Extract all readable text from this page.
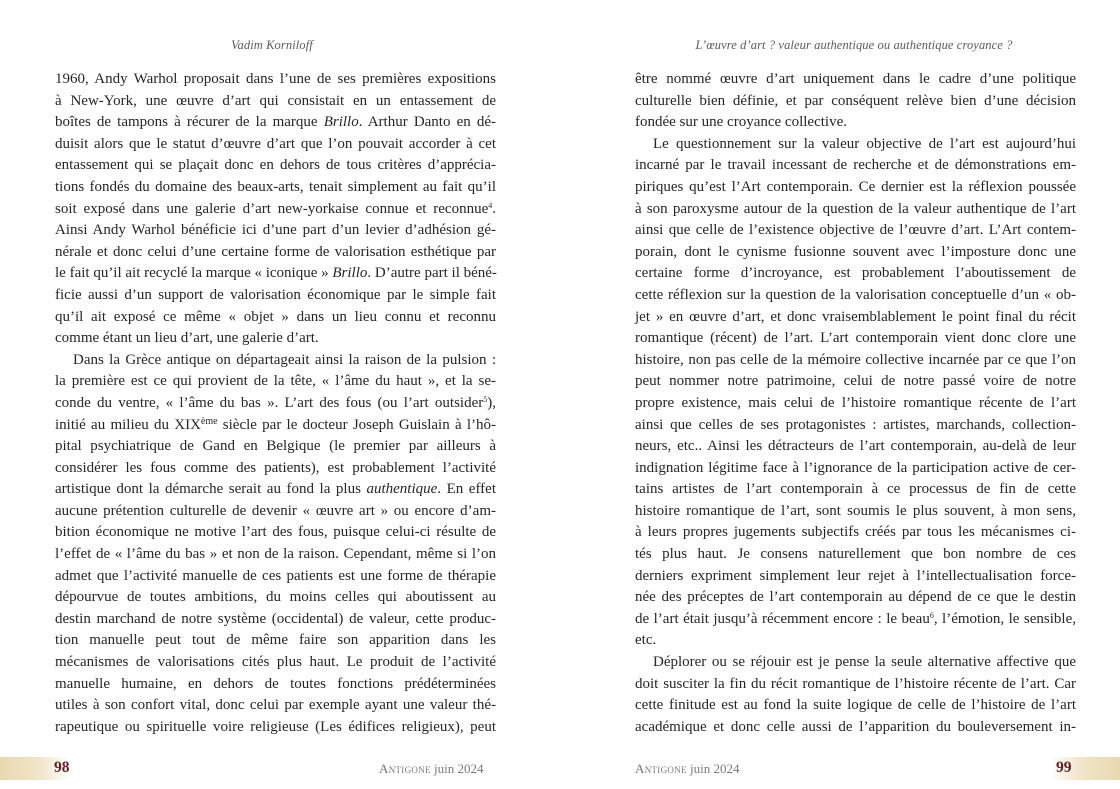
Vadim Korniloff
1960, Andy Warhol proposait dans l’une de ses premières expositions
à New-York, une œuvre d’art qui consistait en un entassement de
boîtes de tampons à récurer de la marque Brillo. Arthur Danto en dé-
duisit alors que le statut d’œuvre d’art que l’on pouvait accorder à cet
entassement qui se plaçait donc en dehors de tous critères d’apprécia-
tions fondés du domaine des beaux-arts, tenait simplement au fait qu’il
soit exposé dans une galerie d’art new-yorkaise connue et reconnue$^4$.
Ainsi Andy Warhol bénéficie ici d’une part d’un levier d’adhésion gé-
nérale et donc celui d’une certaine forme de valorisation esthétique par
le fait qu’il ait recyclé la marque « iconique » Brillo. D’autre part il béné-
ficie aussi d’un support de valorisation économique par le simple fait
qu’il ait exposé ce même « objet » dans un lieu connu et reconnu
comme étant un lieu d’art, une galerie d’art.
Dans la Grèce antique on départageait ainsi la raison de la pulsion :
la première est ce qui provient de la tête, « l’âme du haut », et la se-
conde du ventre, « l’âme du bas ». L’art des fous (ou l’art outsider$^5$),
initié au milieu du XIXème siècle par le docteur Joseph Guislain à l’hô-
pital psychiatrique de Gand en Belgique (le premier par ailleurs à
considérer les fous comme des patients), est probablement l’activité
artistique dont la démarche serait au fond la plus authentique. En effet
aucune prétention culturelle de devenir « œuvre art » ou encore d’am-
bition économique ne motive l’art des fous, puisque celui-ci résulte de
l’effet de « l’âme du bas » et non de la raison. Cependant, même si l’on
admet que l’activité manuelle de ces patients est une forme de thérapie
dépourvue de toutes ambitions, du moins celles qui aboutissent au
destin marchand de notre système (occidental) de valeur, cette produc-
tion manuelle peut tout de même faire son apparition dans les
mécanismes de valorisations cités plus haut. Le produit de l’activité
manuelle humaine, en dehors de toutes fonctions prédéterminées
utiles à son confort vital, donc celui par exemple ayant une valeur thé-
rapeutique ou spirituelle voire religieuse (Les édifices religieux), peut
98	Antigone juin 2024
L’œuvre d’art ? valeur authentique ou authentique croyance ?
être nommé œuvre d’art uniquement dans le cadre d’une politique
culturelle bien définie, et par conséquent relève bien d’une décision
fondée sur une croyance collective.
Le questionnement sur la valeur objective de l’art est aujourd’hui
incarné par le travail incessant de recherche et de démonstrations em-
piriques qu’est l’Art contemporain. Ce dernier est la réflexion poussée
à son paroxysme autour de la question de la valeur authentique de l’art
ainsi que celle de l’existence objective de l’œuvre d’art. L’Art contem-
porain, dont le cynisme fusionne souvent avec l’imposture donc une
certaine forme d’incroyance, est probablement l’aboutissement de
cette réflexion sur la question de la valorisation conceptuelle d’un « ob-
jet » en œuvre d’art, et donc vraisemblablement le point final du récit
romantique (récent) de l’art. L’art contemporain vient donc clore une
histoire, non pas celle de la mémoire collective incarnée par ce que l’on
peut nommer notre patrimoine, celui de notre passé voire de notre
propre existence, mais celui de l’histoire romantique récente de l’art
ainsi que celles de ses protagonistes : artistes, marchands, collection-
neurs, etc.. Ainsi les détracteurs de l’art contemporain, au-delà de leur
indignation légitime face à l’ignorance de la participation active de cer-
tains artistes de l’art contemporain à ce processus de fin de cette
histoire romantique de l’art, sont soumis le plus souvent, à mon sens,
à leurs propres jugements subjectifs créés par tous les mécanismes ci-
tés plus haut. Je consens naturellement que bon nombre de ces
derniers expriment simplement leur rejet à l’intellectualisation force-
née des préceptes de l’art contemporain au dépend de ce que le destin
de l’art était jusqu’à récemment encore : le beau$^6$, l’émotion, le sensible,
etc.
Déplorer ou se réjouir est je pense la seule alternative affective que
doit susciter la fin du récit romantique de l’histoire récente de l’art. Car
cette finitude est au fond la suite logique de celle de l’histoire de l’art
académique et donc celle aussi de l’apparition du bouleversement in-
Antigone juin 2024	99
